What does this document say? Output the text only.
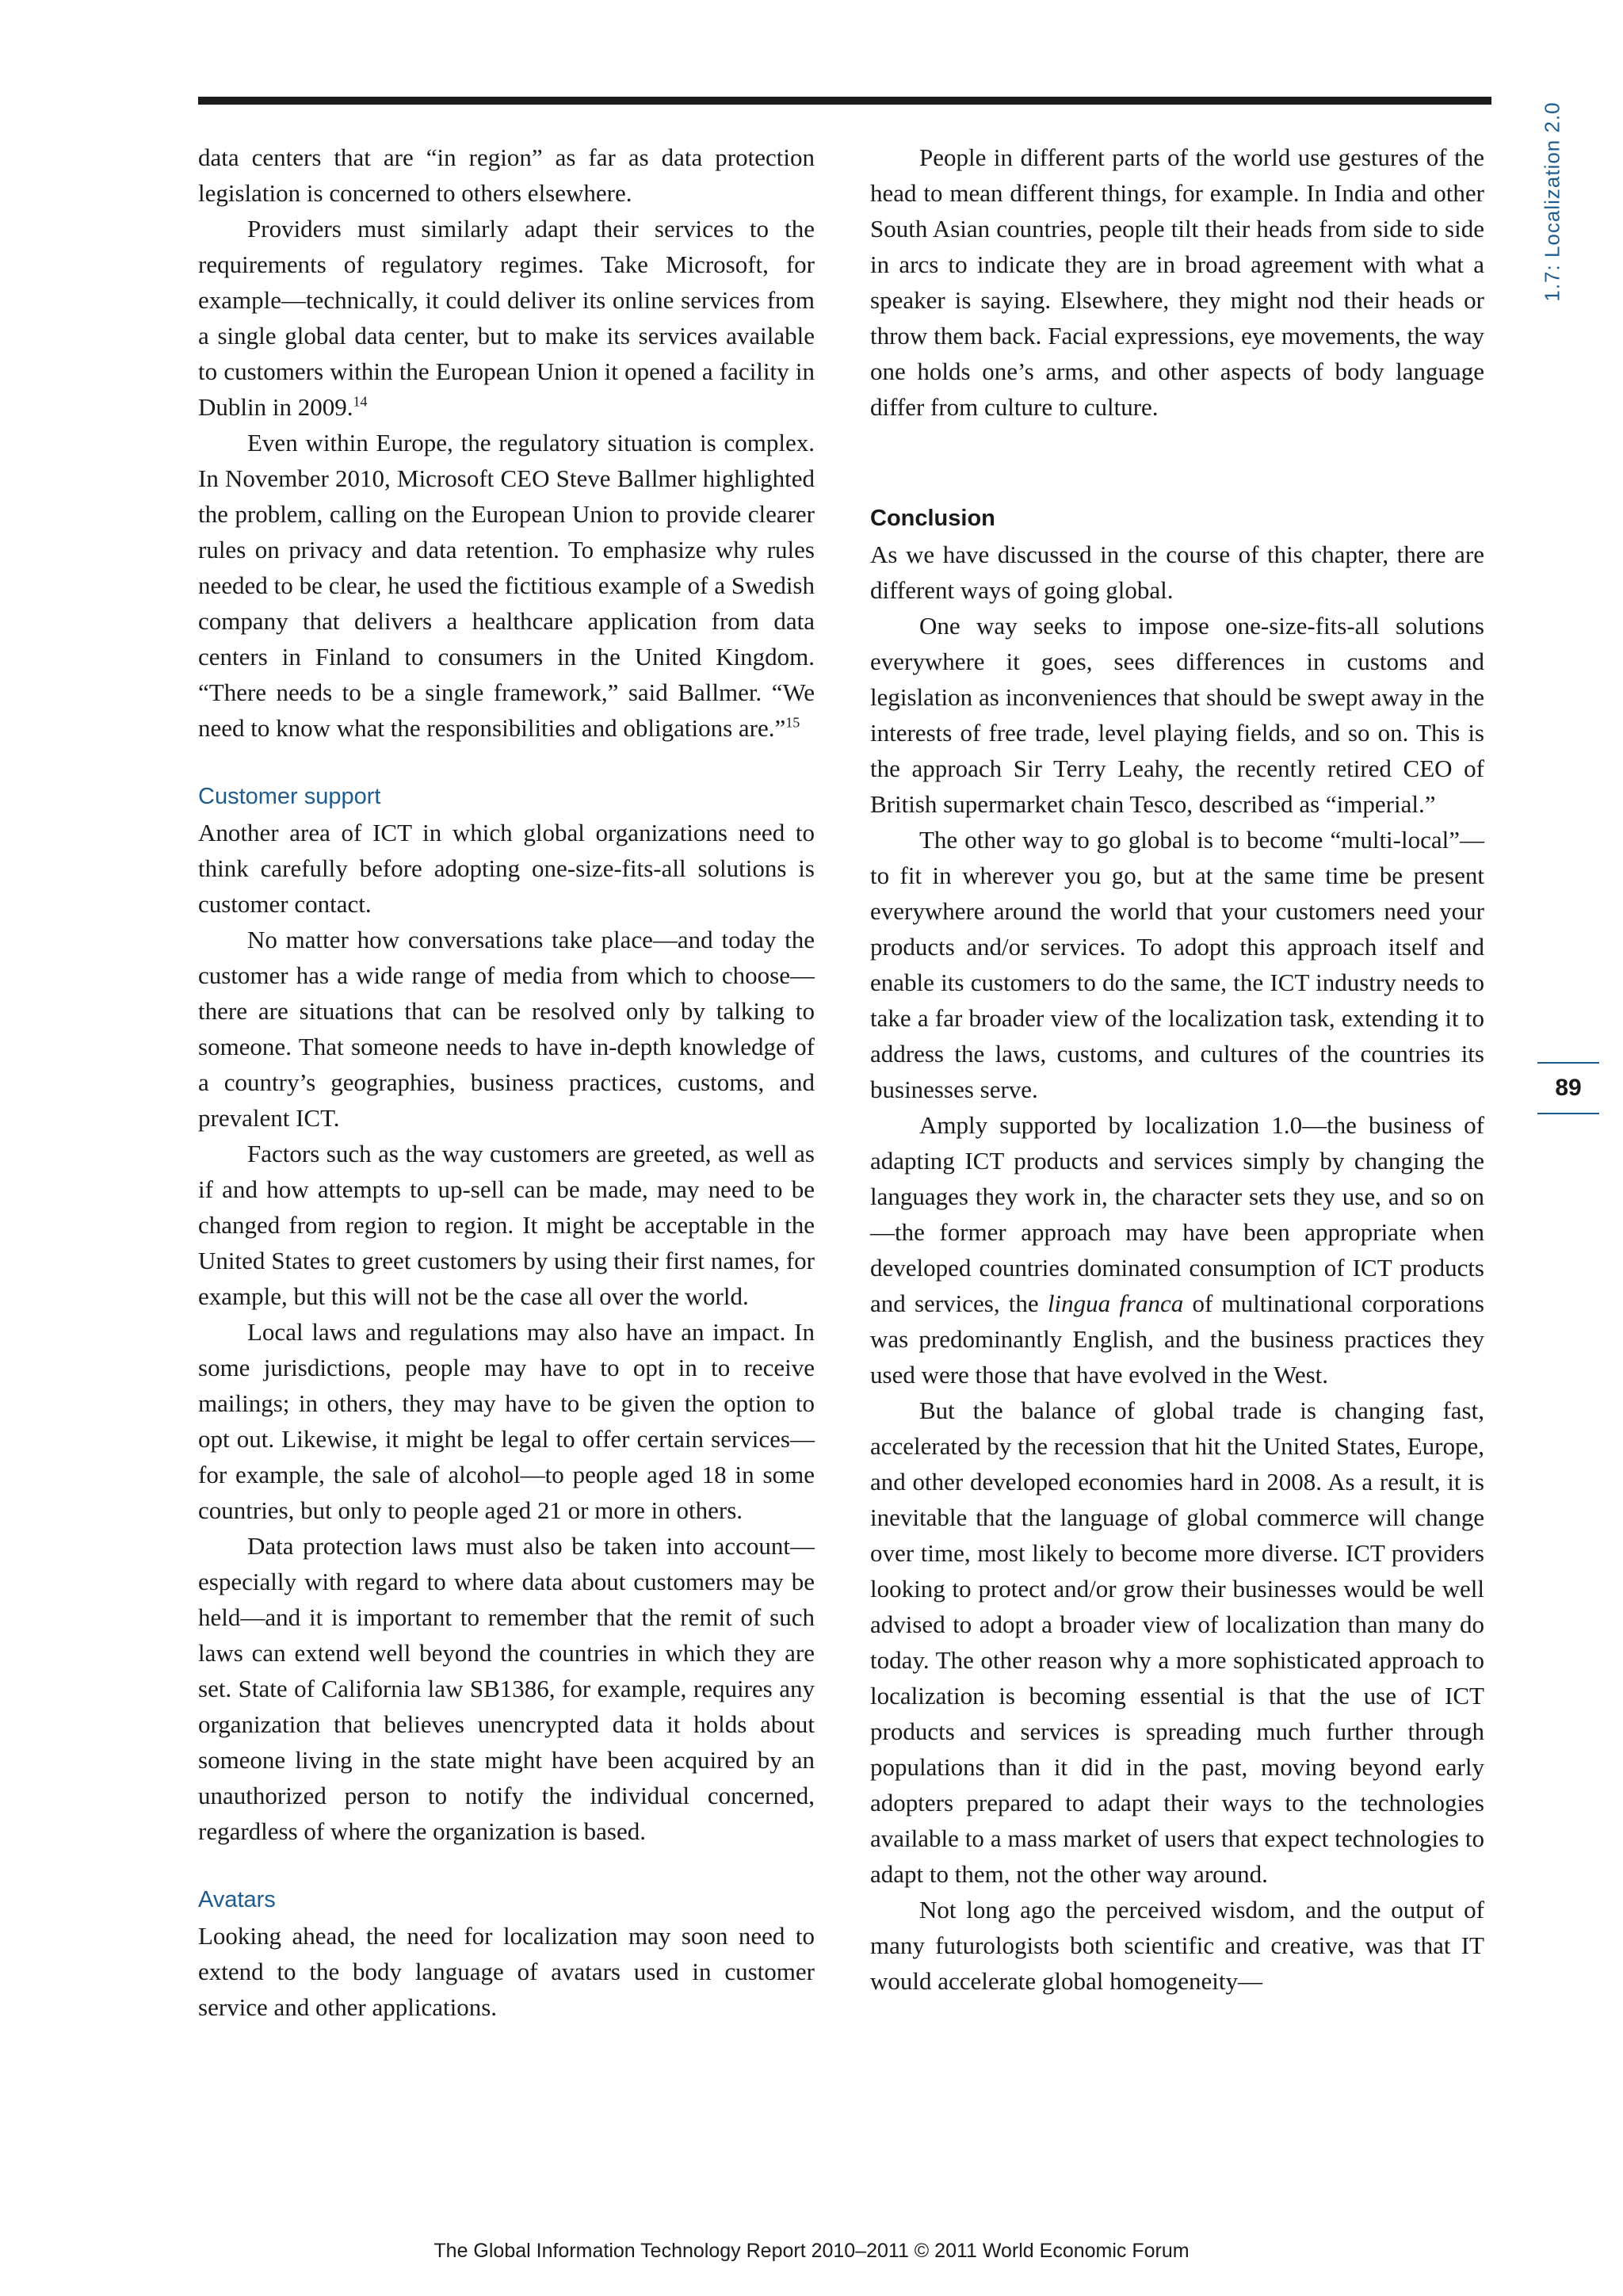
1.7: Localization 2.0
89

data centers that are “in region” as far as data protection legislation is concerned to others elsewhere.

Providers must similarly adapt their services to the requirements of regulatory regimes. Take Microsoft, for example—technically, it could deliver its online services from a single global data center, but to make its services available to customers within the European Union it opened a facility in Dublin in 2009.14

Even within Europe, the regulatory situation is complex. In November 2010, Microsoft CEO Steve Ballmer highlighted the problem, calling on the European Union to provide clearer rules on privacy and data retention. To emphasize why rules needed to be clear, he used the fictitious example of a Swedish company that delivers a healthcare application from data centers in Finland to consumers in the United Kingdom. “There needs to be a single framework,” said Ballmer. “We need to know what the responsibilities and obligations are.”$^{15}$

Customer support

Another area of ICT in which global organizations need to think carefully before adopting one-size-fits-all solutions is customer contact.

No matter how conversations take place—and today the customer has a wide range of media from which to choose—there are situations that can be resolved only by talking to someone. That someone needs to have in-depth knowledge of a country’s geographies, business practices, customs, and prevalent ICT.

Factors such as the way customers are greeted, as well as if and how attempts to up-sell can be made, may need to be changed from region to region. It might be acceptable in the United States to greet customers by using their first names, for example, but this will not be the case all over the world.

Local laws and regulations may also have an impact. In some jurisdictions, people may have to opt in to receive mailings; in others, they may have to be given the option to opt out. Likewise, it might be legal to offer certain services—for example, the sale of alcohol—to people aged 18 in some countries, but only to people aged 21 or more in others.

Data protection laws must also be taken into account—especially with regard to where data about customers may be held—and it is important to remember that the remit of such laws can extend well beyond the countries in which they are set. State of California law SB1386, for example, requires any organization that believes unencrypted data it holds about someone living in the state might have been acquired by an unauthorized person to notify the individual concerned, regardless of where the organization is based.

Avatars

Looking ahead, the need for localization may soon need to extend to the body language of avatars used in customer service and other applications.

People in different parts of the world use gestures of the head to mean different things, for example. In India and other South Asian countries, people tilt their heads from side to side in arcs to indicate they are in broad agreement with what a speaker is saying. Elsewhere, they might nod their heads or throw them back. Facial expressions, eye movements, the way one holds one’s arms, and other aspects of body language differ from culture to culture.

Conclusion

As we have discussed in the course of this chapter, there are different ways of going global.

One way seeks to impose one-size-fits-all solutions everywhere it goes, sees differences in customs and legislation as inconveniences that should be swept away in the interests of free trade, level playing fields, and so on. This is the approach Sir Terry Leahy, the recently retired CEO of British supermarket chain Tesco, described as “imperial.”

The other way to go global is to become “multi-local”—to fit in wherever you go, but at the same time be present everywhere around the world that your customers need your products and/or services. To adopt this approach itself and enable its customers to do the same, the ICT industry needs to take a far broader view of the localization task, extending it to address the laws, customs, and cultures of the countries its businesses serve.

Amply supported by localization 1.0—the business of adapting ICT products and services simply by changing the languages they work in, the character sets they use, and so on—the former approach may have been appropriate when developed countries dominated consumption of ICT products and services, the lingua franca of multinational corporations was predominantly English, and the business practices they used were those that have evolved in the West.

But the balance of global trade is changing fast, accelerated by the recession that hit the United States, Europe, and other developed economies hard in 2008. As a result, it is inevitable that the language of global commerce will change over time, most likely to become more diverse. ICT providers looking to protect and/or grow their businesses would be well advised to adopt a broader view of localization than many do today. The other reason why a more sophisticated approach to localization is becoming essential is that the use of ICT products and services is spreading much further through populations than it did in the past, moving beyond early adopters prepared to adapt their ways to the technologies available to a mass market of users that expect technologies to adapt to them, not the other way around.

Not long ago the perceived wisdom, and the output of many futurologists both scientific and creative, was that IT would accelerate global homogeneity—

The Global Information Technology Report 2010–2011 © 2011 World Economic Forum
